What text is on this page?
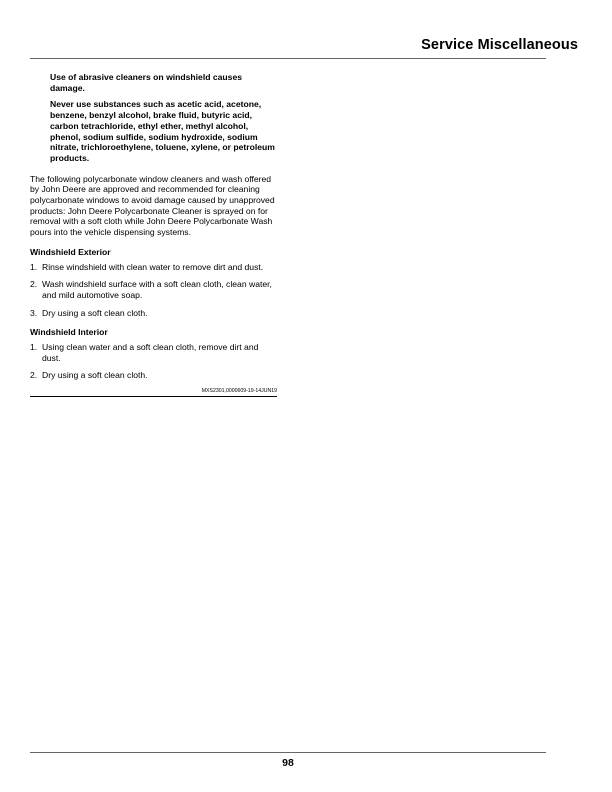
Service Miscellaneous

Use of abrasive cleaners on windshield causes damage.

Never use substances such as acetic acid, acetone, benzene, benzyl alcohol, brake fluid, butyric acid, carbon tetrachloride, ethyl ether, methyl alcohol, phenol, sodium sulfide, sodium hydroxide, sodium nitrate, trichloroethylene, toluene, xylene, or petroleum products.

The following polycarbonate window cleaners and wash offered by John Deere are approved and recommended for cleaning polycarbonate windows to avoid damage caused by unapproved products: John Deere Polycarbonate Cleaner is sprayed on for removal with a soft cloth while John Deere Polycarbonate Wash pours into the vehicle dispensing systems.

Windshield Exterior
1. Rinse windshield with clean water to remove dirt and dust.
2. Wash windshield surface with a soft clean cloth, clean water, and mild automotive soap.
3. Dry using a soft clean cloth.
Windshield Interior
1. Using clean water and a soft clean cloth, remove dirt and dust.
2. Dry using a soft clean cloth.
MXS2301,0000609-19-14JUN19
98
